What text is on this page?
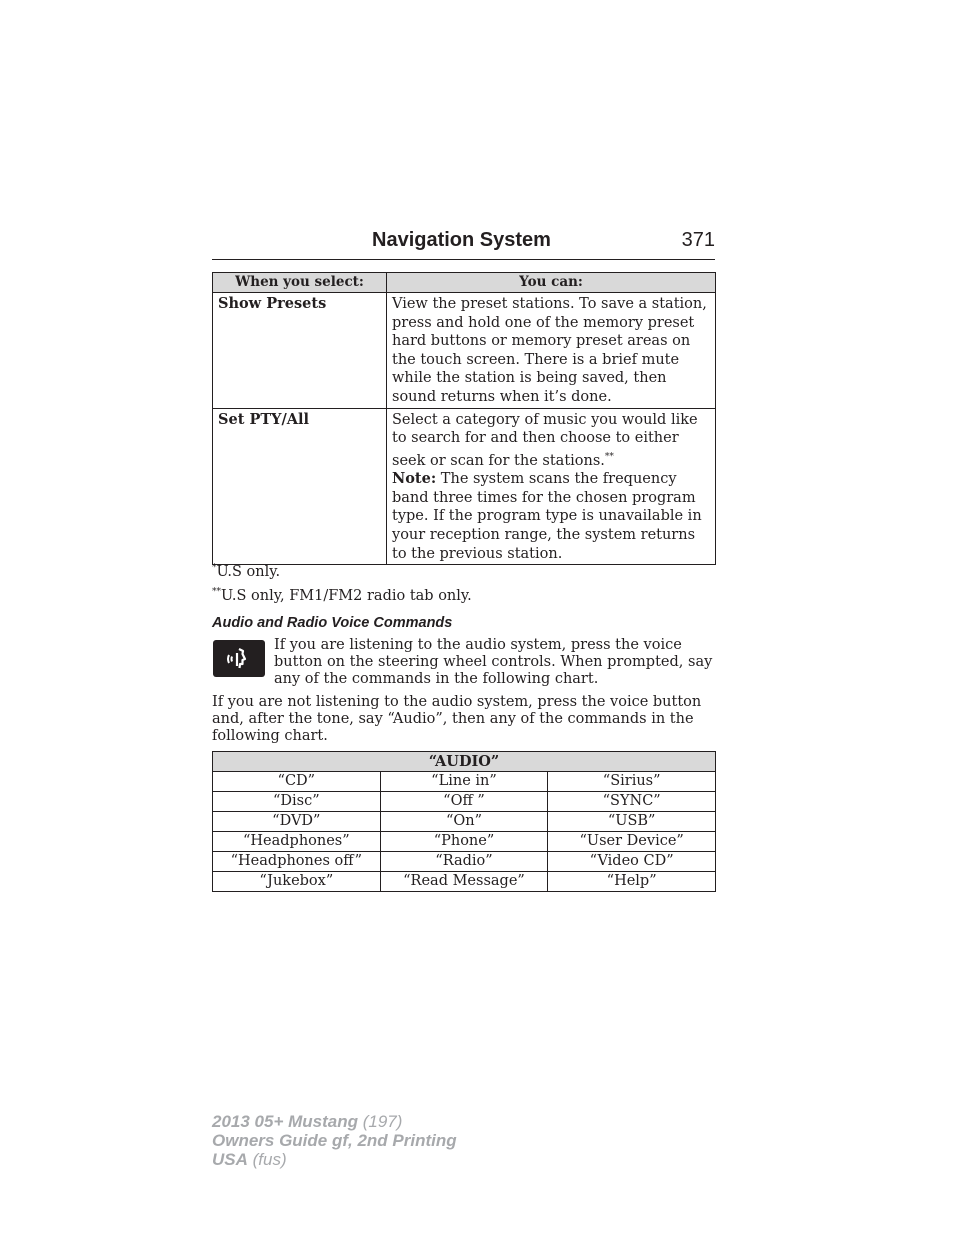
Navigation System	371
When you select:	You can:
Show Presets	View the preset stations. To save a station, press and hold one of the memory preset hard buttons or memory preset areas on the touch screen. There is a brief mute while the station is being saved, then sound returns when it’s done.
Set PTY/All	Select a category of music you would like to search for and then choose to either seek or scan for the stations.**
Note: The system scans the frequency band three times for the chosen program type. If the program type is unavailable in your reception range, the system returns to the previous station.
*U.S only.
**U.S only, FM1/FM2 radio tab only.
Audio and Radio Voice Commands
If you are listening to the audio system, press the voice button on the steering wheel controls. When prompted, say any of the commands in the following chart.
If you are not listening to the audio system, press the voice button and, after the tone, say “Audio”, then any of the commands in the following chart.
“AUDIO”		
“CD”	“Line in”	“Sirius”
“Disc”	“Off ”	“SYNC”
“DVD”	“On”	“USB”
“Headphones”	“Phone”	“User Device”
“Headphones off”	“Radio”	“Video CD”
“Jukebox”	“Read Message”	“Help”
2013 05+ Mustang (197)
Owners Guide gf, 2nd Printing
USA (fus)
